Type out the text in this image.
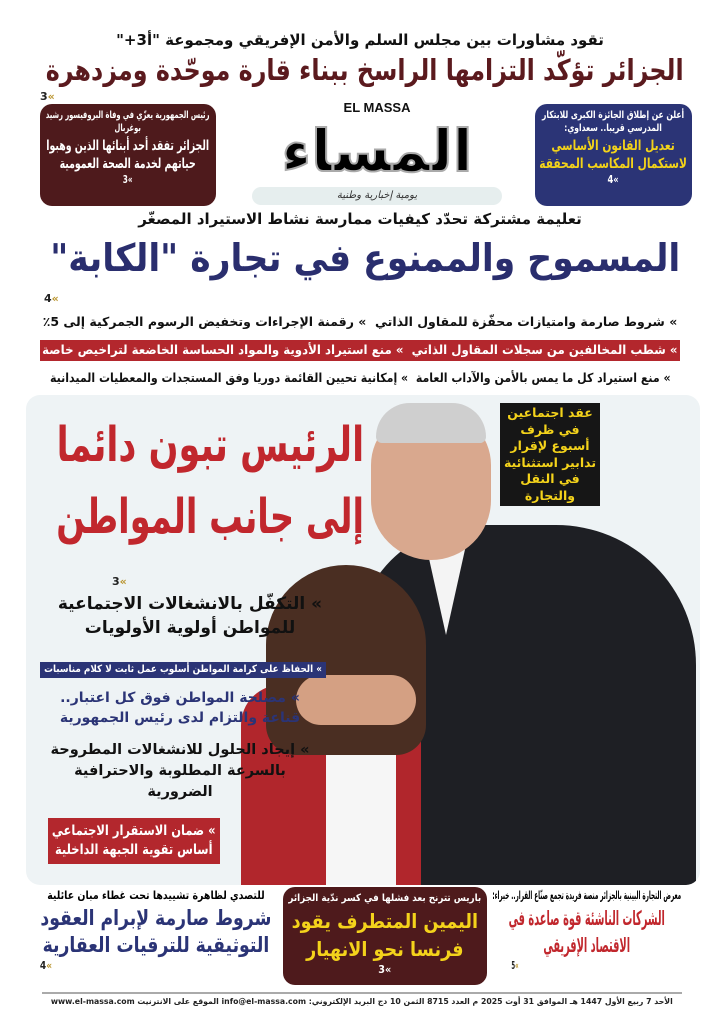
تقود مشاورات بين مجلس السلم والأمن الإفريقي ومجموعة "أ3+"
الجزائر تؤكّد التزامها الراسخ ببناء قارة موحّدة ومزدهرة
3«
رئيس الجمهورية يعزّي في وفاة البروفيسور رشيد بوغربال
الجزائر تفقد أحد أبنائها الذين وهبوا حياتهم لخدمة الصحة العمومية
3«
EL MASSA
المساء
يومية إخبارية وطنية
أعلن عن إطلاق الجائزة الكبرى للابتكار المدرسي قريبا.. سعداوي:
تعديل القانون الأساسي لاستكمال المكاسب المحققة
4«
تعليمة مشتركة تحدّد كيفيات ممارسة نشاط الاستيراد المصغّر
المسموح والممنوع في تجارة "الكابة"
4«
» شروط صارمة وامتيازات محفّزة للمقاول الذاتي  » رقمنة الإجراءات وتخفيض الرسوم الجمركية إلى 5٪
» شطب المخالفين من سجلات المقاول الذاتي  » منع استيراد الأدوية والمواد الحساسة الخاضعة لتراخيص خاصة
» منع استيراد كل ما يمس بالأمن والآداب العامة  » إمكانية تحيين القائمة دوريا وفق المستجدات والمعطيات الميدانية
الرئيس تبون دائما
إلى جانب المواطن
3«
عقد اجتماعين في ظرف أسبوع لإقرار تدابير استثنائية في النقل والتجارة
» التكفّل بالانشغالات الاجتماعية للمواطن أولوية الأولويات
» الحفاظ على كرامة المواطن أسلوب عمل ثابت لا كلام مناسبات
» مصلحة المواطن فوق كل اعتبار.. قناعة والتزام لدى رئيس الجمهورية
» إيجاد الحلول للانشغالات المطروحة بالسرعة المطلوبة والاحترافية الضرورية
» ضمان الاستقرار الاجتماعي أساس تقوية الجبهة الداخلية
معرض التجارة البينية بالجزائر منصة فريدة تجمع صنّاع القرار.. خبراء:
الشركات الناشئة قوة صاعدة في الاقتصاد الإفريقي
5«
باريس تترنح بعد فشلها في كسر ندّية الجزائر
اليمين المتطرف يقود فرنسا نحو الانهيار
3«
للتصدي لظاهرة تشييدها تحت غطاء مبان عائلية
شروط صارمة لإبرام العقود التوثيقية للترقيات العقارية
4«
الأحد 7 ربيع الأول 1447 هـ الموافق 31 أوت 2025 م العدد 8715 الثمن 10 دج البريد الإلكتروني: info@el-massa.com الموقع على الانترنيت www.el-massa.com
